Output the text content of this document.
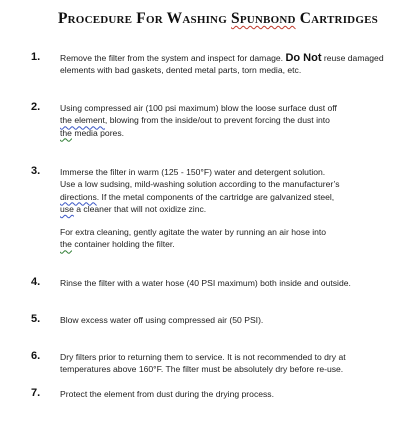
Procedure For Washing Spunbond Cartridges
1. Remove the filter from the system and inspect for damage. Do Not reuse damaged elements with bad gaskets, dented metal parts, torn media, etc.

2. Using compressed air (100 psi maximum) blow the loose surface dust off
the element, blowing from the inside/out to prevent forcing the dust into
the media pores.

3. Immerse the filter in warm (125 - 150°F) water and detergent solution.
Use a low sudsing, mild-washing solution according to the manufacturer’s
directions. If the metal components of the cartridge are galvanized steel,
use a cleaner that will not oxidize zinc.

For extra cleaning, gently agitate the water by running an air hose into
the container holding the filter.

4. Rinse the filter with a water hose (40 PSI maximum) both inside and outside.

5. Blow excess water off using compressed air (50 PSI).

6. Dry filters prior to returning them to service. It is not recommended to dry at
temperatures above 160°F. The filter must be absolutely dry before re-use.

7. Protect the element from dust during the drying process.
